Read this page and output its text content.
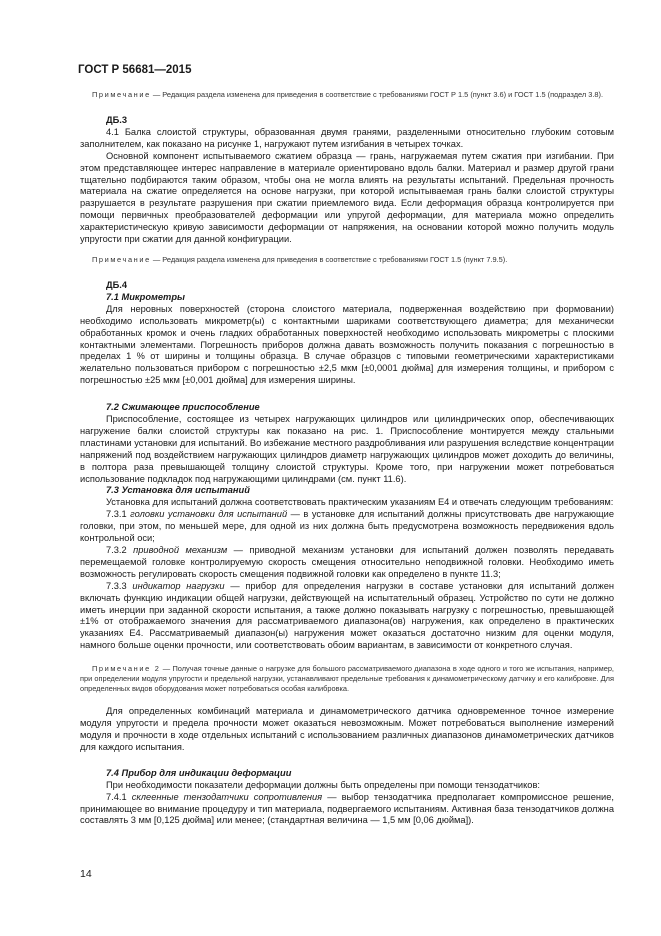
ГОСТ Р 56681—2015

Примечание — Редакция раздела изменена для приведения в соответствие с требованиями ГОСТ Р 1.5 (пункт 3.6) и ГОСТ 1.5 (подраздел 3.8).

ДБ.3

4.1 Балка слоистой структуры, образованная двумя гранями, разделенными относительно глубоким сотовым заполнителем, как показано на рисунке 1, нагружают путем изгибания в четырех точках.

Основной компонент испытываемого сжатием образца — грань, нагружаемая путем сжатия при изгибании. При этом представляющее интерес направление в материале ориентировано вдоль балки. Материал и размер другой грани тщательно подбираются таким образом, чтобы она не могла влиять на результаты испытаний. Предельная прочность материала на сжатие определяется на основе нагрузки, при которой испытываемая грань балки слоистой структуры разрушается в результате разрушения при сжатии приемлемого вида. Если деформация образца контролируется при помощи первичных преобразователей деформации или упругой деформации, для материала можно определить характеристическую кривую зависимости деформации от напряжения, на основании которой можно получить модуль упругости при сжатии для данной конфигурации.

Примечание — Редакция раздела изменена для приведения в соответствие с требованиями ГОСТ 1.5 (пункт 7.9.5).

ДБ.4

7.1 Микрометры

Для неровных поверхностей (сторона слоистого материала, подверженная воздействию при формовании) необходимо использовать микрометр(ы) с контактными шариками соответствующего диаметра; для механически обработанных кромок и очень гладких обработанных поверхностей необходимо использовать микрометры с плоскими контактными элементами. Погрешность приборов должна давать возможность получить показания с погрешностью в пределах 1 % от ширины и толщины образца. В случае образцов с типовыми геометрическими характеристиками желательно пользоваться прибором с погрешностью ±2,5 мкм [±0,0001 дюйма] для измерения толщины, и прибором с погрешностью ±25 мкм [±0,001 дюйма] для измерения ширины.

7.2 Сжимающее приспособление

Приспособление, состоящее из четырех нагружающих цилиндров или цилиндрических опор, обеспечивающих нагружение балки слоистой структуры как показано на рис. 1. Приспособление монтируется между стальными пластинами установки для испытаний. Во избежание местного раздробливания или разрушения вследствие концентрации напряжений под воздействием нагружающих цилиндров диаметр нагружающих цилиндров может доходить до величины, в полтора раза превышающей толщину слоистой структуры. Кроме того, при нагружении может потребоваться использование подкладок под нагружающими цилиндрами (см. пункт 11.6).

7.3 Установка для испытаний

Установка для испытаний должна соответствовать практическим указаниям Е4 и отвечать следующим требованиям:

7.3.1 головки установки для испытаний — в установке для испытаний должны присутствовать две нагружающие головки, при этом, по меньшей мере, для одной из них должна быть предусмотрена возможность передвижения вдоль контрольной оси;

7.3.2 приводной механизм — приводной механизм установки для испытаний должен позволять передавать перемещаемой головке контролируемую скорость смещения относительно неподвижной головки. Необходимо иметь возможность регулировать скорость смещения подвижной головки как определено в пункте 11.3;

7.3.3 индикатор нагрузки — прибор для определения нагрузки в составе установки для испытаний должен включать функцию индикации общей нагрузки, действующей на испытательный образец. Устройство по сути не должно иметь инерции при заданной скорости испытания, а также должно показывать нагрузку с погрешностью, превышающей ±1% от отображаемого значения для рассматриваемого диапазона(ов) нагружения, как определено в практических указаниях Е4. Рассматриваемый диапазон(ы) нагружения может оказаться достаточно низким для оценки модуля, намного больше оценки прочности, или соответствовать обоим вариантам, в зависимости от конкретного случая.

Примечание 2 — Получая точные данные о нагрузке для большого рассматриваемого диапазона в ходе одного и того же испытания, например, при определении модуля упругости и предельной нагрузки, устанавливают предельные требования к динамометрическому датчику и его калибровке. Для определенных видов оборудования может потребоваться особая калибровка.

Для определенных комбинаций материала и динамометрического датчика одновременное точное измерение модуля упругости и предела прочности может оказаться невозможным. Может потребоваться выполнение измерений модуля и прочности в ходе отдельных испытаний с использованием различных диапазонов динамометрических датчиков для каждого испытания.

7.4 Прибор для индикации деформации

При необходимости показатели деформации должны быть определены при помощи тензодатчиков:

7.4.1 склеенные тензодатчики сопротивления — выбор тензодатчика предполагает компромиссное решение, принимающее во внимание процедуру и тип материала, подвергаемого испытаниям. Активная база тензодатчиков должна составлять 3 мм [0,125 дюйма] или менее; (стандартная величина — 1,5 мм [0,06 дюйма]).

14
